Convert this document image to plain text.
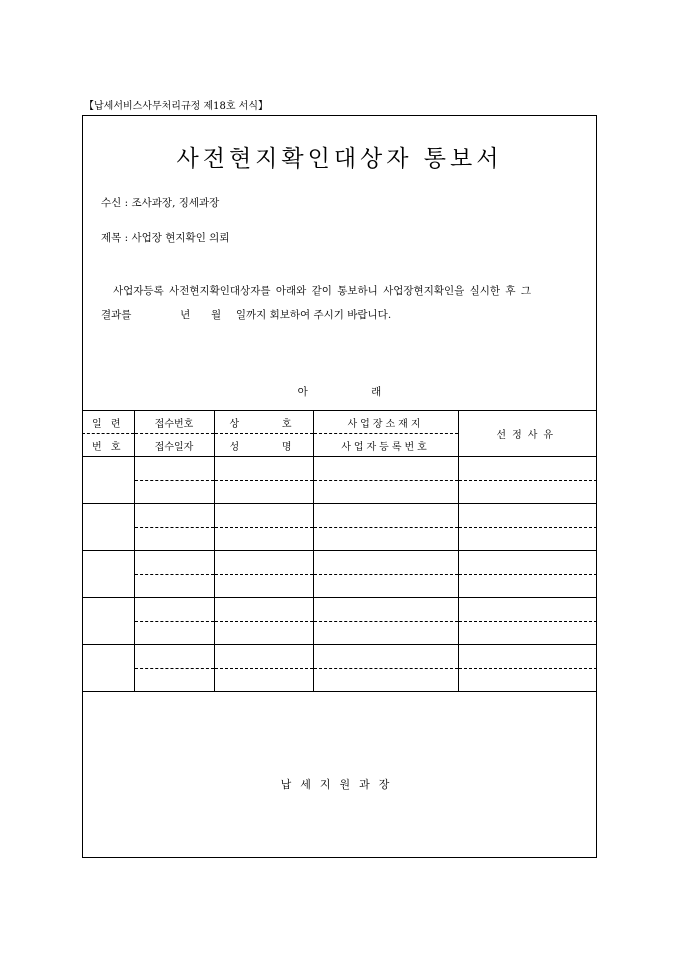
【납세서비스사무처리규정 제18호 서식】
사전현지확인대상자 통보서
수신 : 조사과장, 징세과장
제목 : 사업장 현지확인 의뢰
사업자등록 사전현지확인대상자를 아래와 같이 통보하니 사업장현지확인을 실시한 후 그
결과를	년 월 일까지 회보하여 주시기 바랍니다.
아	래
일 련	접수번호	상    호	사업장소재지	선정사유
번 호	접수일자	성    명	사업자등록번호	

납세지원과장
